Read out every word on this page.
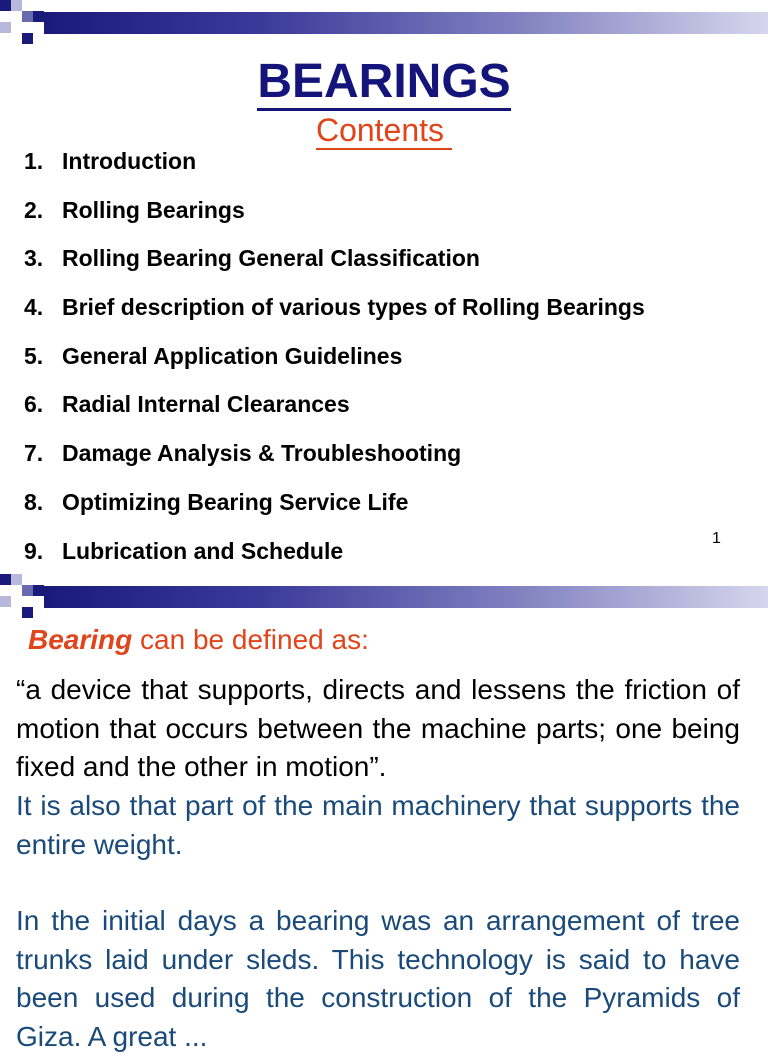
BEARINGS
Contents
1. Introduction
2. Rolling Bearings
3. Rolling Bearing General Classification
4. Brief description of various types of Rolling Bearings
5. General Application Guidelines
6. Radial Internal Clearances
7. Damage Analysis & Troubleshooting
8. Optimizing Bearing Service Life
9. Lubrication and Schedule	1
Bearing can be defined as:
“a device that supports, directs and lessens the friction of motion that occurs between the machine parts; one being fixed and the other in motion”.
It is also that part of the main machinery that supports the entire weight.
In the initial days a bearing was an arrangement of tree trunks laid under sleds. This technology is said to have been used during the construction of the Pyramids of Giza. A great ...
